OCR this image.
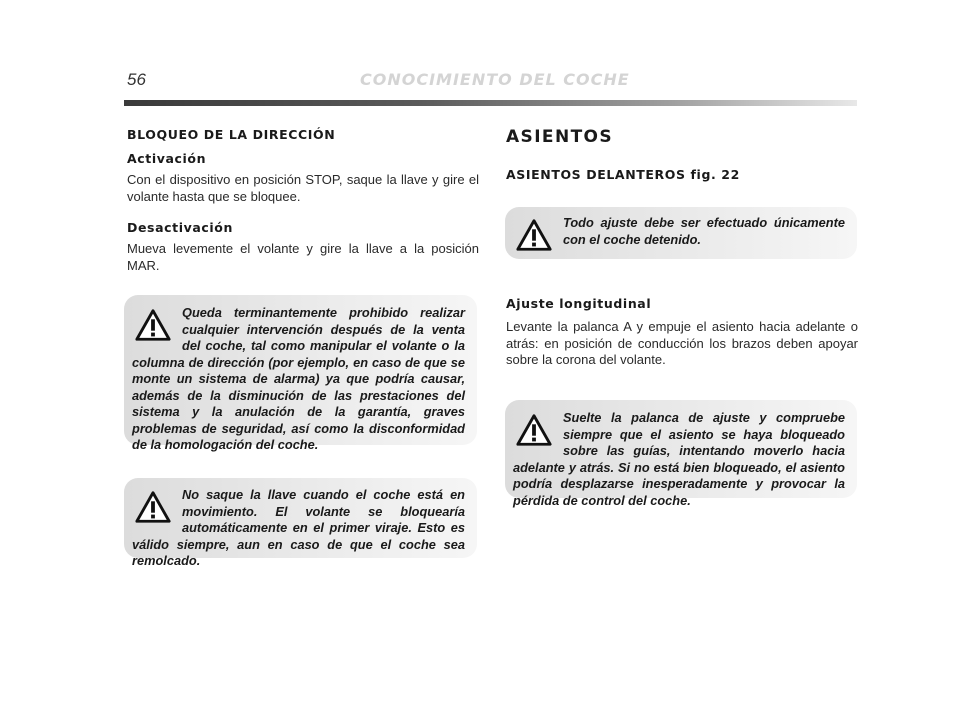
56	CONOCIMIENTO DEL COCHE
BLOQUEO DE LA DIRECCIÓN
Activación

Con el dispositivo en posición STOP, saque la llave y gire el volante hasta que se bloquee.

Desactivación

Mueva levemente el volante y gire la llave a la posición MAR.

Queda terminantemente prohibido realizar cualquier intervención después de la venta del coche, tal como manipular el volante o la columna de dirección (por ejemplo, en caso de que se monte un sistema de alarma) ya que podría causar, además de la disminución de las prestaciones del sistema y la anulación de la garantía, graves problemas de seguridad, así como la disconformidad de la homologación del coche.

No saque la llave cuando el coche está en movimiento. El volante se bloquearía automáticamente en el primer viraje. Esto es válido siempre, aun en caso de que el coche sea remolcado.

ASIENTOS
ASIENTOS DELANTEROS fig. 22

Todo ajuste debe ser efectuado únicamente con el coche detenido.

Ajuste longitudinal

Levante la palanca A y empuje el asiento hacia adelante o atrás: en posición de conducción los brazos deben apoyar sobre la corona del volante.

Suelte la palanca de ajuste y compruebe siempre que el asiento se haya bloqueado sobre las guías, intentando moverlo hacia adelante y atrás. Si no está bien bloqueado, el asiento podría desplazarse inesperadamente y provocar la pérdida de control del coche.
